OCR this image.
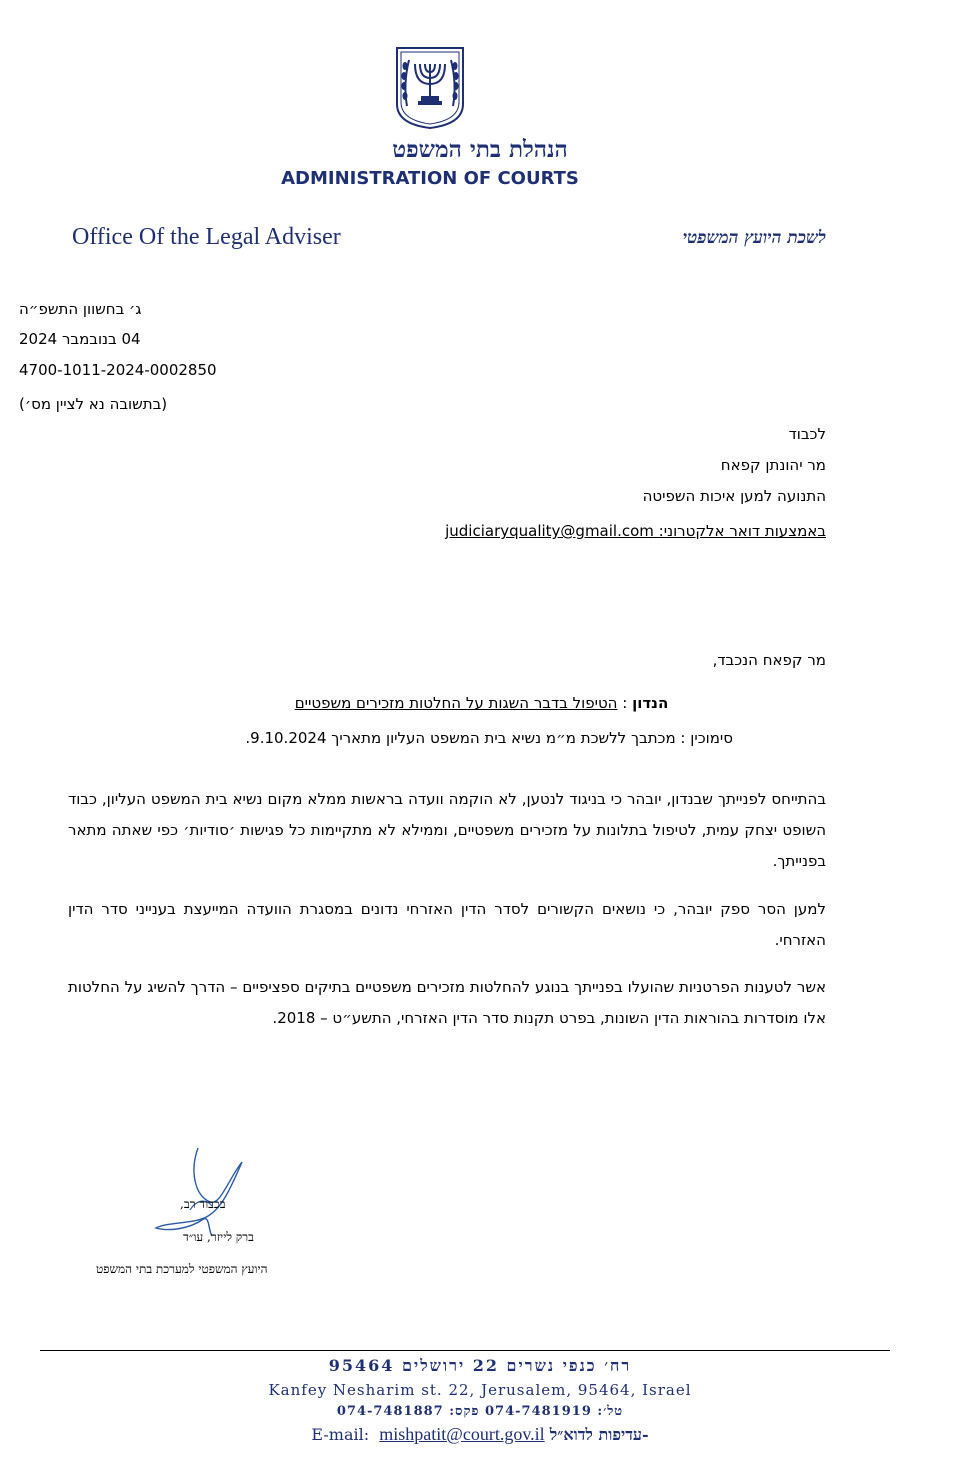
הנהלת בתי המשפט
ADMINISTRATION OF COURTS
Office Of the Legal Adviser	לשכת היועץ המשפטי
ג׳ בחשוון התשפ״ה
04 בנובמבר 2024
4700-1011-2024-0002850
(בתשובה נא לציין מס׳)
לכבוד
מר יהונתן קפאח
התנועה למען איכות השפיטה
באמצעות דואר אלקטרוני: judiciaryquality@gmail.com
מר קפאח הנכבד,
הנדון : הטיפול בדבר השגות על החלטות מזכירים משפטיים
סימוכין : מכתבך ללשכת מ״מ נשיא בית המשפט העליון מתאריך 9.10.2024.
בהתייחס לפנייתך שבנדון, יובהר כי בניגוד לנטען, לא הוקמה וועדה בראשות ממלא מקום נשיא בית המשפט העליון, כבוד השופט יצחק עמית, לטיפול בתלונות על מזכירים משפטיים, וממילא לא מתקיימות כל פגישות ׳סודיות׳ כפי שאתה מתאר בפנייתך.
למען הסר ספק יובהר, כי נושאים הקשורים לסדר הדין האזרחי נדונים במסגרת הוועדה המייעצת בענייני סדר הדין האזרחי.
אשר לטענות הפרטניות שהועלו בפנייתך בנוגע להחלטות מזכירים משפטיים בתיקים ספציפיים – הדרך להשיג על החלטות אלו מוסדרות בהוראות הדין השונות, בפרט תקנות סדר הדין האזרחי, התשע״ט – 2018.
בכבוד רב,
ברק לייזר, עו״ד
היועץ המשפטי למערכת בתי המשפט
רח׳ כנפי נשרים 22 ירושלים 95464
Kanfey Nesharim st. 22, Jerusalem, 95464, Israel
טל׳: 074-7481919 פקס: 074-7481887
-עדיפות לדוא״ל E-mail: mishpatit@court.gov.il
